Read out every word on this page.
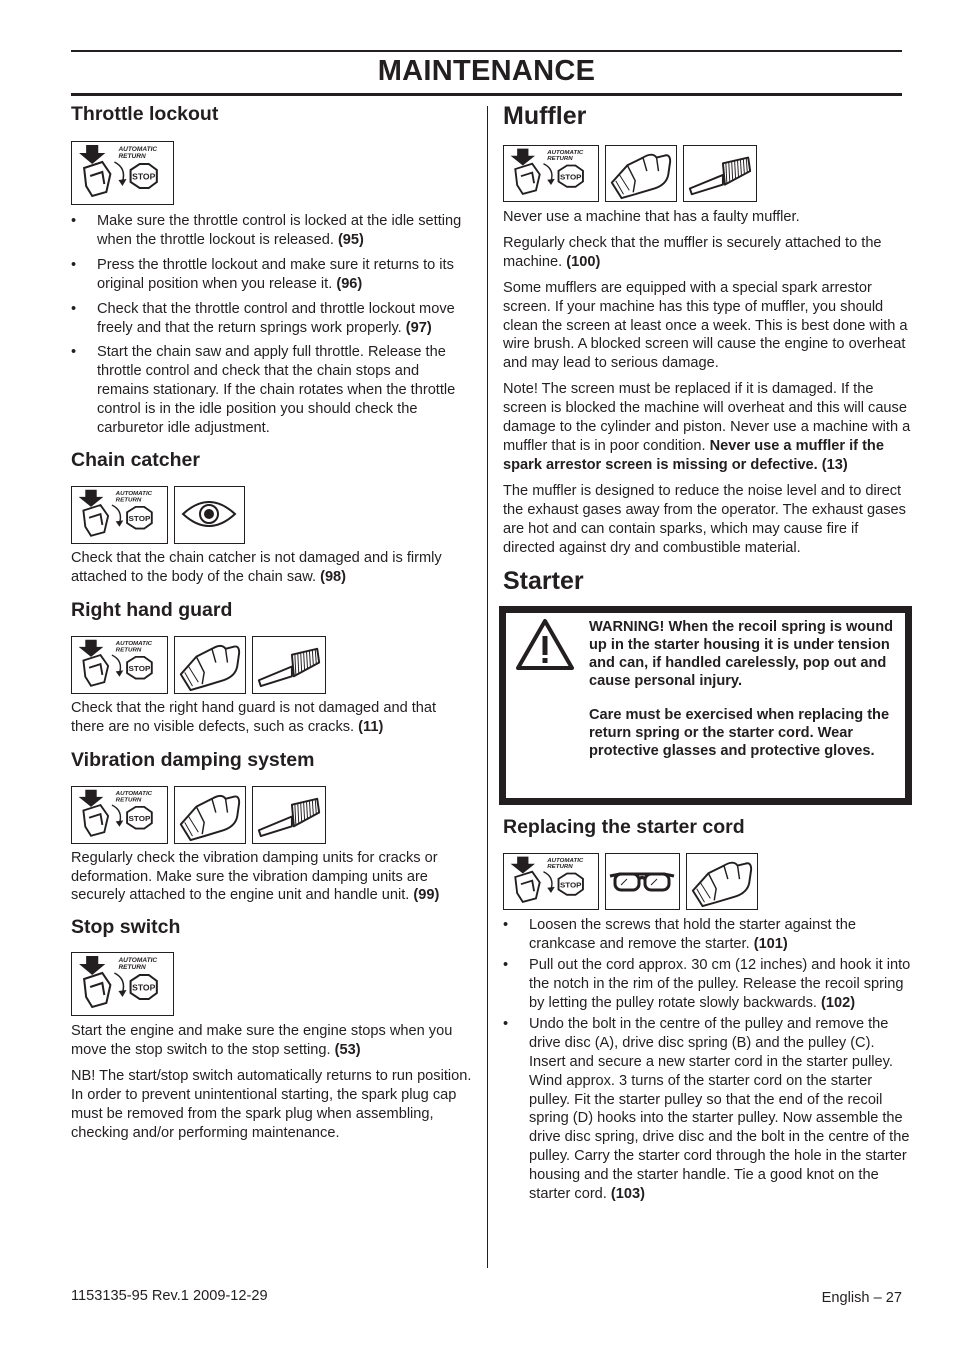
MAINTENANCE
Throttle lockout
AUTOMATIC
RETURN
STOP
• Make sure the throttle control is locked at the idle setting when the throttle lockout is released. (95)
• Press the throttle lockout and make sure it returns to its original position when you release it. (96)
• Check that the throttle control and throttle lockout move freely and that the return springs work properly. (97)
• Start the chain saw and apply full throttle. Release the throttle control and check that the chain stops and remains stationary. If the chain rotates when the throttle control is in the idle position you should check the carburetor idle adjustment.
Chain catcher
AUTOMATIC
RETURN
STOP

Check that the chain catcher is not damaged and is firmly attached to the body of the chain saw. (98)

Right hand guard
AUTOMATIC
RETURN
STOP

Check that the right hand guard is not damaged and that there are no visible defects, such as cracks. (11)

Vibration damping system
AUTOMATIC
RETURN
STOP

Regularly check the vibration damping units for cracks or deformation. Make sure the vibration damping units are securely attached to the engine unit and handle unit. (99)

Stop switch
AUTOMATIC
RETURN
STOP

Start the engine and make sure the engine stops when you move the stop switch to the stop setting. (53)

NB! The start/stop switch automatically returns to run position. In order to prevent unintentional starting, the spark plug cap must be removed from the spark plug when assembling, checking and/or performing maintenance.

Muffler
AUTOMATIC
RETURN
STOP

Never use a machine that has a faulty muffler.

Regularly check that the muffler is securely attached to the machine. (100)

Some mufflers are equipped with a special spark arrestor screen. If your machine has this type of muffler, you should clean the screen at least once a week. This is best done with a wire brush. A blocked screen will cause the engine to overheat and may lead to serious damage.

Note! The screen must be replaced if it is damaged. If the screen is blocked the machine will overheat and this will cause damage to the cylinder and piston. Never use a machine with a muffler that is in poor condition. Never use a muffler if the spark arrestor screen is missing or defective. (13)

The muffler is designed to reduce the noise level and to direct the exhaust gases away from the operator. The exhaust gases are hot and can contain sparks, which may cause fire if directed against dry and combustible material.

Starter

WARNING! When the recoil spring is wound up in the starter housing it is under tension and can, if handled carelessly, pop out and cause personal injury.

Care must be exercised when replacing the return spring or the starter cord. Wear protective glasses and protective gloves.

Replacing the starter cord
AUTOMATIC
RETURN
STOP
• Loosen the screws that hold the starter against the crankcase and remove the starter. (101)
• Pull out the cord approx. 30 cm (12 inches) and hook it into the notch in the rim of the pulley. Release the recoil spring by letting the pulley rotate slowly backwards. (102)
• Undo the bolt in the centre of the pulley and remove the drive disc (A), drive disc spring (B) and the pulley (C). Insert and secure a new starter cord in the starter pulley. Wind approx. 3 turns of the starter cord on the starter pulley. Fit the starter pulley so that the end of the recoil spring (D) hooks into the starter pulley. Now assemble the drive disc spring, drive disc and the bolt in the centre of the pulley. Carry the starter cord through the hole in the starter housing and the starter handle. Tie a good knot on the starter cord. (103)
1153135-95 Rev.1 2009-12-29	English – 27
